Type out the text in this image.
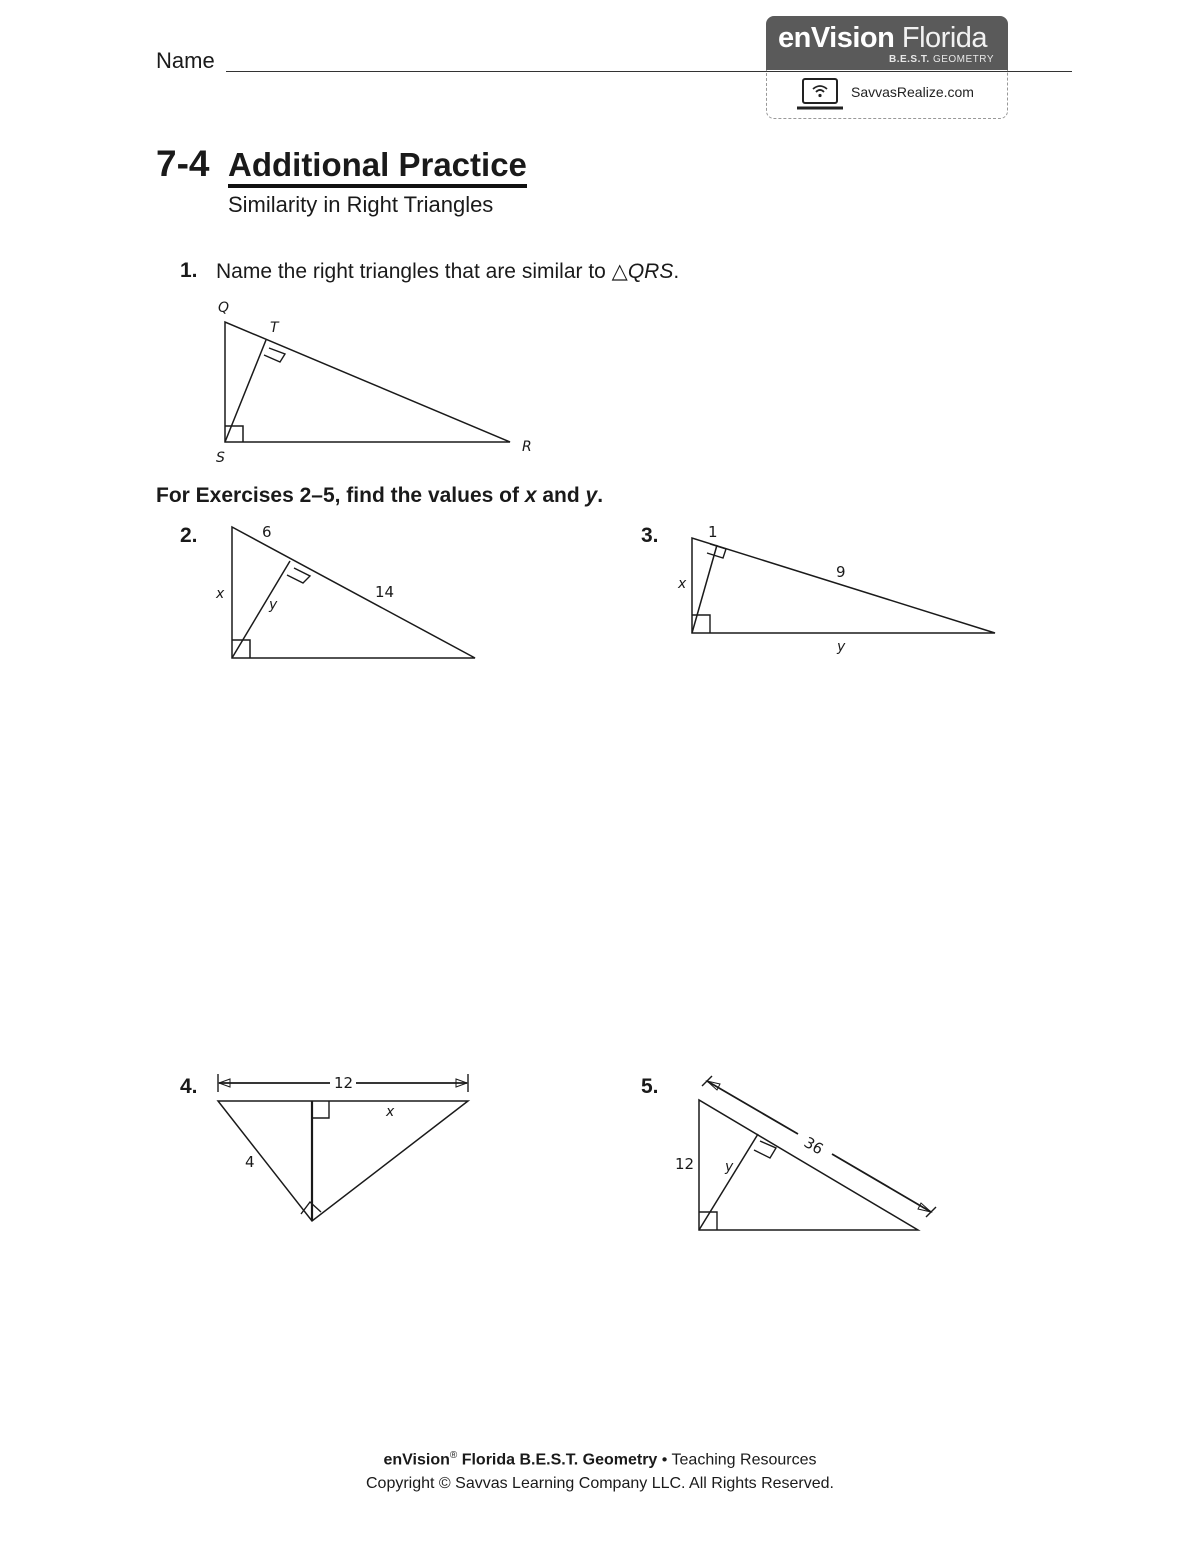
Name
enVision Florida
B.E.S.T. GEOMETRY
SavvasRealize.com
7-4 Additional Practice
Similarity in Right Triangles
1. Name the right triangles that are similar to △QRS.
Q
T
S
R
For Exercises 2–5, find the values of x and y.
2.	6
14
x
y
3.	1
9
x
y
4.	12
x
4
5.
36
12 y
enVision® Florida B.E.S.T. Geometry • Teaching Resources
Copyright © Savvas Learning Company LLC. All Rights Reserved.
